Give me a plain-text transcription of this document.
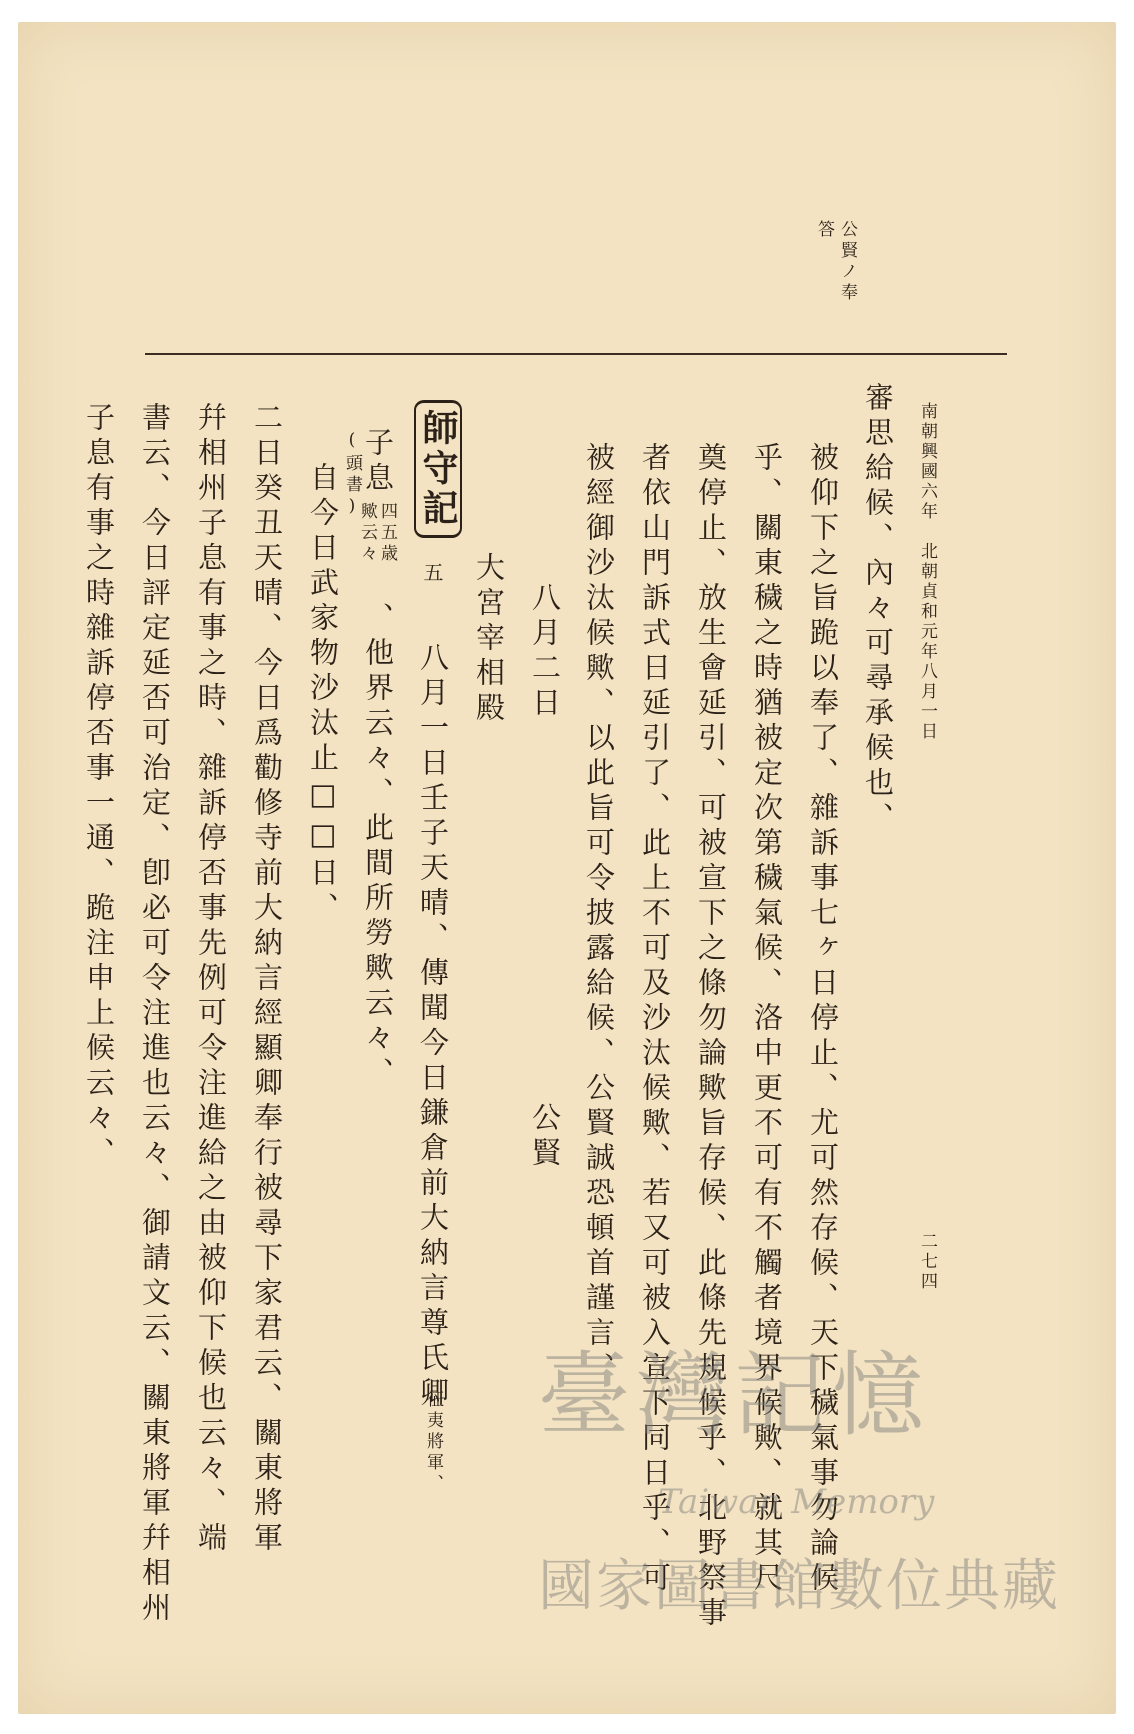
公賢ノ奉
答
南朝興國六年　北朝貞和元年八月一日
二七四
審思給候、內々可尋承候也、
被仰下之旨跪以奉了、雜訴事七ヶ日停止、尤可然存候、天下穢氣事勿論候
乎、關東穢之時猶被定次第穢氣候、洛中更不可有不觸者境界候歟、就其尺
奠停止、放生會延引、可被宣下之條勿論歟旨存候、此條先規候乎、北野祭事
者依山門訴式日延引了、此上不可及沙汰候歟、若又可被入宣下同日乎、可
被經御沙汰候歟、以此旨可令披露給候、公賢誠恐頓首謹言、
八月二日
公賢
大宮宰相殿
師守記
五
八月一日壬子天晴、傳聞今日鎌倉前大納言尊氏卿
征夷將軍、
子息
四五歳
歟云々
、他界云々、此間所勞歟云々、
(頭書)
自今日武家物沙汰止□□日、
二日癸丑天晴、今日爲勸修寺前大納言經顯卿奉行被尋下家君云、關東將軍
幷相州子息有事之時、雜訴停否事先例可令注進給之由被仰下候也云々、端
書云、今日評定延否可治定、卽必可令注進也云々、御請文云、關東將軍幷相州
子息有事之時雜訴停否事一通、跪注申上候云々、
臺灣記憶
Taiwan Memory
國家圖書館數位典藏
